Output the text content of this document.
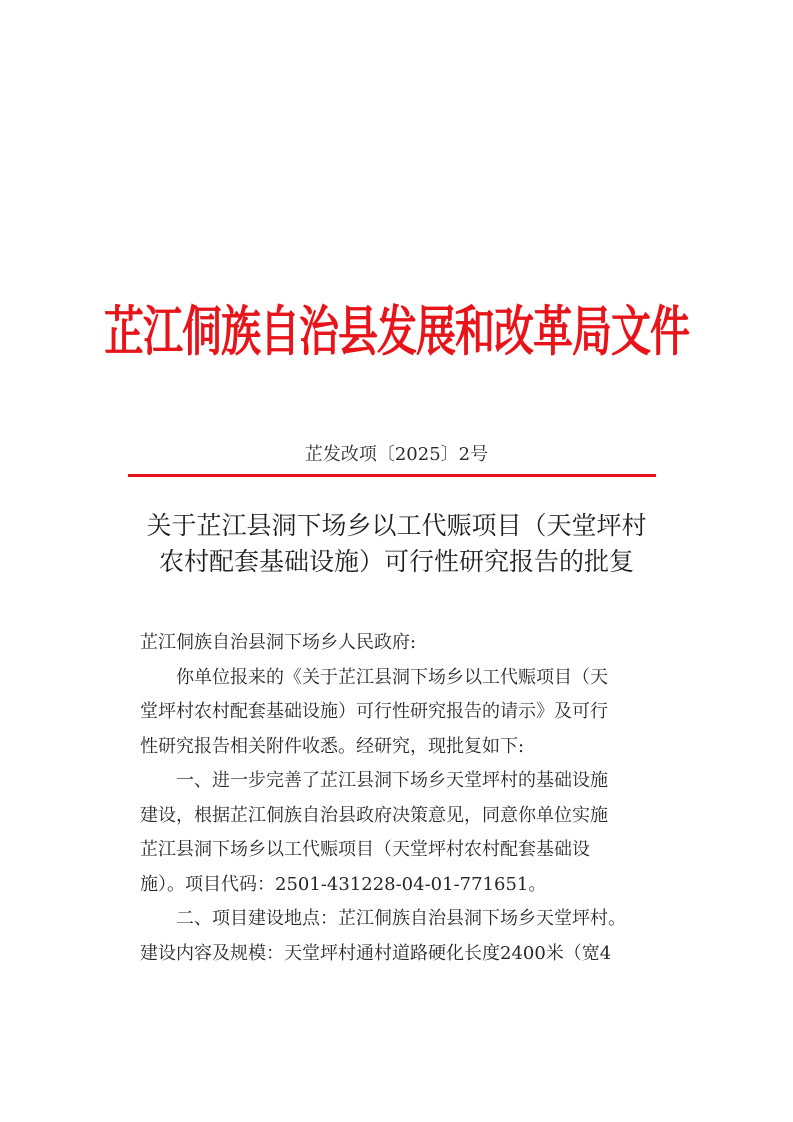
芷江侗族自治县发展和改革局文件
芷发改项〔2025〕2号
关于芷江县洞下场乡以工代赈项目（天堂坪村
农村配套基础设施）可行性研究报告的批复
芷江侗族自治县洞下场乡人民政府:
你单位报来的《关于芷江县洞下场乡以工代赈项目（天
堂坪村农村配套基础设施）可行性研究报告的请示》及可行
性研究报告相关附件收悉。经研究，现批复如下:
一、进一步完善了芷江县洞下场乡天堂坪村的基础设施
建设，根据芷江侗族自治县政府决策意见，同意你单位实施
芷江县洞下场乡以工代赈项目（天堂坪村农村配套基础设
施）。项目代码：2501-431228-04-01-771651。
二、项目建设地点：芷江侗族自治县洞下场乡天堂坪村。
建设内容及规模：天堂坪村通村道路硬化长度2400米（宽4
